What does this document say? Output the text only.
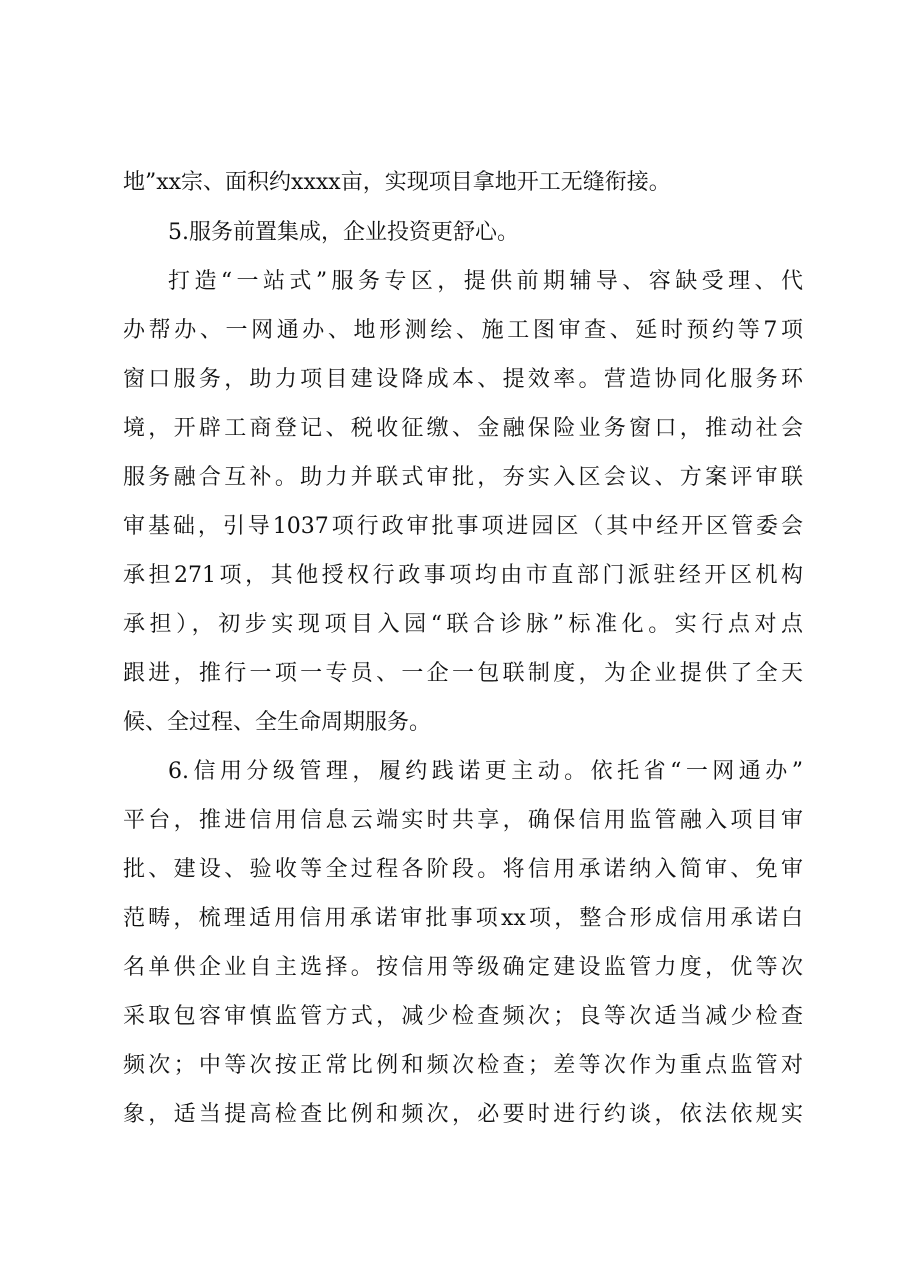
地”xx宗、面积约xxxx亩，实现项目拿地开工无缝衔接。
5.服务前置集成，企业投资更舒心。
打造“一站式”服务专区，提供前期辅导、容缺受理、代
办帮办、一网通办、地形测绘、施工图审查、延时预约等7项
窗口服务，助力项目建设降成本、提效率。营造协同化服务环
境，开辟工商登记、税收征缴、金融保险业务窗口，推动社会
服务融合互补。助力并联式审批，夯实入区会议、方案评审联
审基础，引导1037项行政审批事项进园区（其中经开区管委会
承担271项，其他授权行政事项均由市直部门派驻经开区机构
承担），初步实现项目入园“联合诊脉”标准化。实行点对点
跟进，推行一项一专员、一企一包联制度，为企业提供了全天
候、全过程、全生命周期服务。
6.信用分级管理，履约践诺更主动。依托省“一网通办”
平台，推进信用信息云端实时共享，确保信用监管融入项目审
批、建设、验收等全过程各阶段。将信用承诺纳入简审、免审
范畴，梳理适用信用承诺审批事项xx项，整合形成信用承诺白
名单供企业自主选择。按信用等级确定建设监管力度，优等次
采取包容审慎监管方式，减少检查频次；良等次适当减少检查
频次；中等次按正常比例和频次检查；差等次作为重点监管对
象，适当提高检查比例和频次，必要时进行约谈，依法依规实
